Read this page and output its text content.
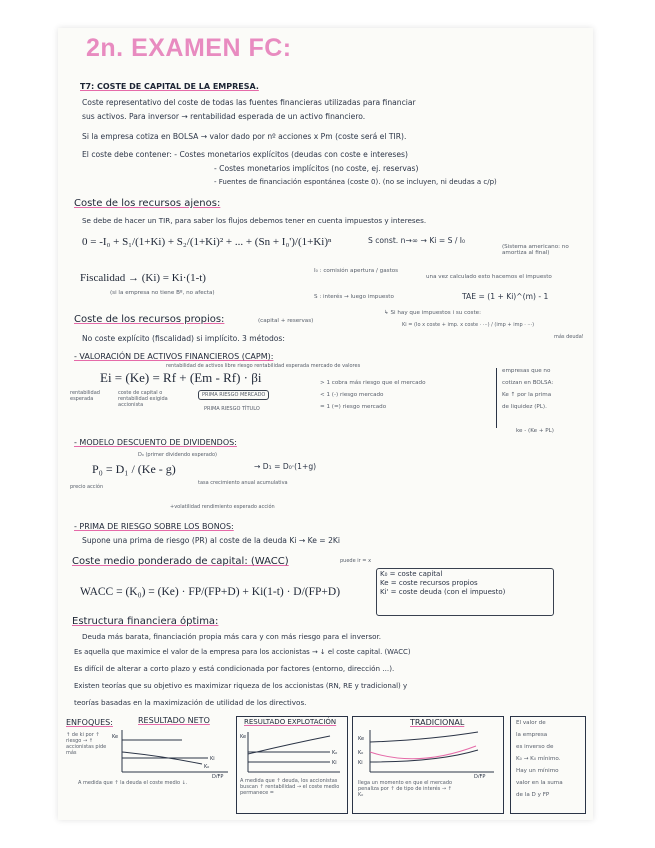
2n. EXAMEN FC:
T7: COSTE DE CAPITAL DE LA EMPRESA.
Coste representativo del coste de todas las fuentes financieras utilizadas para financiar
sus activos. Para inversor → rentabilidad esperada de un activo financiero.
Si la empresa cotiza en BOLSA → valor dado por nº acciones x Pm (coste será el TIR).
El coste debe contener: - Costes monetarios explícitos (deudas con coste e intereses)
- Costes monetarios implícitos (no coste, ej. reservas)
- Fuentes de financiación espontánea (coste 0). (no se incluyen, ni deudas a c/p)
Coste de los recursos ajenos:
Se debe de hacer un TIR, para saber los flujos debemos tener en cuenta impuestos y intereses.
0 = -I₀ + S₁/(1+Ki) + S₂/(1+Ki)² + ... + (Sn + I₀')/(1+Ki)ⁿ	S const. n→∞ → Ki = S / I₀
(Sistema americano: no amortiza al final)
Fiscalidad → (Ki) = Ki·(1-t)
(si la empresa no tiene Bº, no afecta)
I₀ : comisión apertura / gastos
una vez calculado esto hacemos el impuesto
S : interés → luego impuesto	TAE = (1 + Ki)^(m) - 1
↳ Si hay que impuestos i su coste:
Ki = (Io x coste + imp. x coste · ···) / (imp + imp · ···)
más deuda!
Coste de los recursos propios:	(capital + reservas)
No coste explícito (fiscalidad) si implícito. 3 métodos:
- VALORACIÓN DE ACTIVOS FINANCIEROS (CAPM):
rentabilidad de activos libre riesgo rentabilidad esperada mercado de valores
Ei = (Ke) = Rf + (Em - Rf) · βi
rentabilidad esperada
coste de capital o rentabilidad exigida accionista
PRIMA RIESGO MERCADO
PRIMA RIESGO TÍTULO
> 1 cobra más riesgo que el mercado
< 1 (-) riesgo mercado
= 1 (=) riesgo mercado
empresas que no
cotizan en BOLSA:
Ke ↑ por la prima
de liquidez (PL).
ke - (Ke + PL)
- MODELO DESCUENTO DE DIVIDENDOS:
D₀ (primer dividendo esperado)
P₀ = D₁ / (Ke - g)	→ D₁ = D₀·(1+g)
tasa crecimiento anual acumulativa
precio acción
+volatilidad rendimiento esperado acción
- PRIMA DE RIESGO SOBRE LOS BONOS:
Supone una prima de riesgo (PR) al coste de la deuda Ki → Ke = 2Ki
Coste medio ponderado de capital: (WACC)	puede ir = x
WACC = (K₀) = (Ke) · FP/(FP+D) + Ki(1-t) · D/(FP+D)
K₀ = coste capital
Ke = coste recursos propios
Ki' = coste deuda (con el impuesto)
Estructura financiera óptima:
Deuda más barata, financiación propia más cara y con más riesgo para el inversor.
Es aquella que maximice el valor de la empresa para los accionistas → ↓ el coste capital. (WACC)
Es difícil de alterar a corto plazo y está condicionada por factores (entorno, dirección ...).
Existen teorías que su objetivo es maximizar riqueza de los accionistas (RN, RE y tradicional) y
teorías basadas en la maximización de utilidad de los directivos.
ENFOQUES:	RESULTADO NETO
↑ de ki por ↑ riesgo → ↑ accionistas pide más
Ke
K₀
Ki
D/FP
A medida que ↑ la deuda el coste medio ↓.
RESULTADO EXPLOTACIÓN
Ke
K₀
Ki
A medida que ↑ deuda, los accionistas buscan ↑ rentabilidad → el coste medio permanece =
TRADICIONAL
Ke
K₀
Ki
D/FP
llega un momento en que el mercado penaliza por ↑ de tipo de interés → ↑ K₀
El valor de
la empresa
es inverso de
K₀ → K₀ mínimo.
Hay un mínimo
valor en la suma
de la D y FP
